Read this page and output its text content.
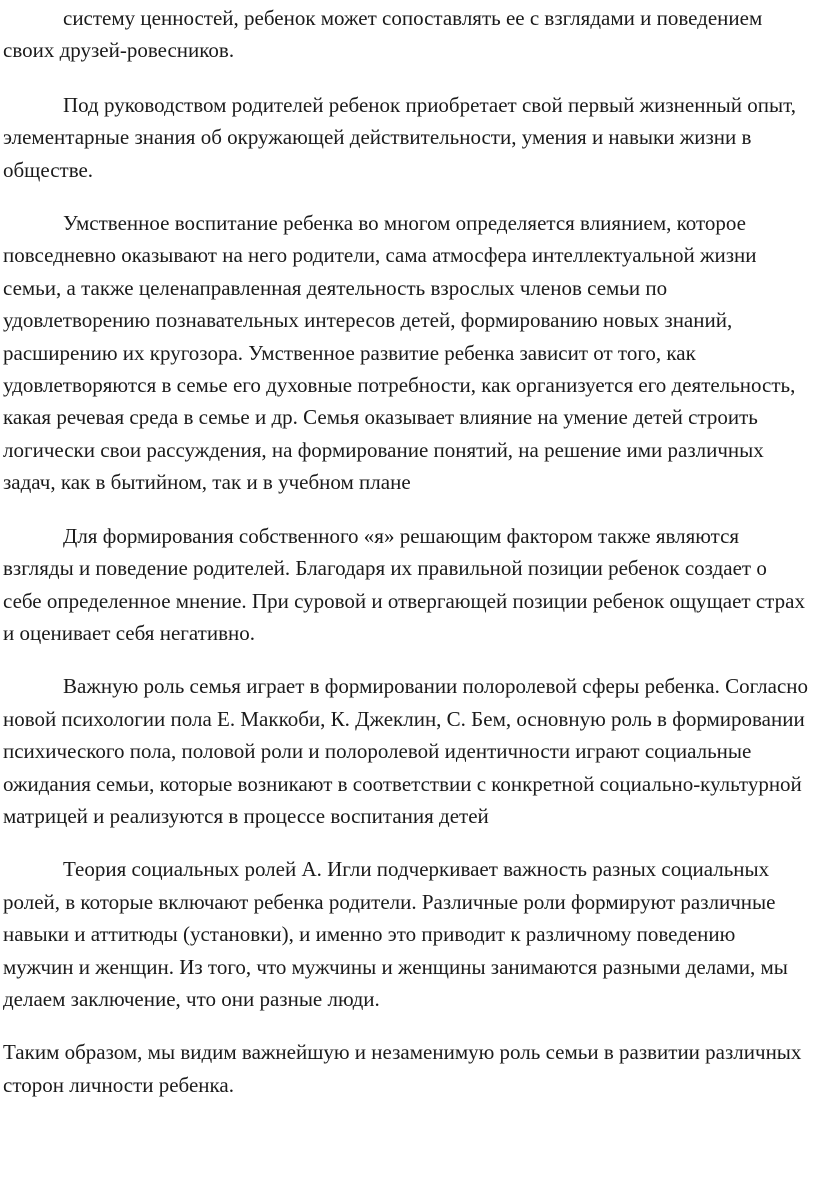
систему ценностей, ребенок может сопоставлять ее с взглядами и поведением своих друзей-ровесников.

Под руководством родителей ребенок приобретает свой первый жизненный опыт, элементарные знания об окружающей действительности, умения и навыки жизни в обществе.

Умственное воспитание ребенка во многом определяется влиянием, которое повседневно оказывают на него родители, сама атмосфера интеллектуальной жизни семьи, а также целенаправленная деятельность взрослых членов семьи по удовлетворению познавательных интересов детей, формированию новых знаний, расширению их кругозора. Умственное развитие ребенка зависит от того, как удовлетворяются в семье его духовные потребности, как организуется его деятельность, какая речевая среда в семье и др. Семья оказывает влияние на умение детей строить логически свои рассуждения, на формирование понятий, на решение ими различных задач, как в бытийном, так и в учебном плане

Для формирования собственного «я» решающим фактором также являются взгляды и поведение родителей. Благодаря их правильной позиции ребенок создает о себе определенное мнение. При суровой и отвергающей позиции ребенок ощущает страх и оценивает себя негативно.

Важную роль семья играет в формировании полоролевой сферы ребенка. Согласно новой психологии пола Е. Маккоби, К. Джеклин, С. Бем, основную роль в формировании психического пола, половой роли и полоролевой идентичности играют социальные ожидания семьи, которые возникают в соответствии с конкретной социально-культурной матрицей и реализуются в процессе воспитания детей

Теория социальных ролей А. Игли подчеркивает важность разных социальных ролей, в которые включают ребенка родители. Различные роли формируют различные навыки и аттитюды (установки), и именно это приводит к различному поведению мужчин и женщин. Из того, что мужчины и женщины занимаются разными делами, мы делаем заключение, что они разные люди.

Таким образом, мы видим важнейшую и незаменимую роль семьи в развитии различных сторон личности ребенка.
